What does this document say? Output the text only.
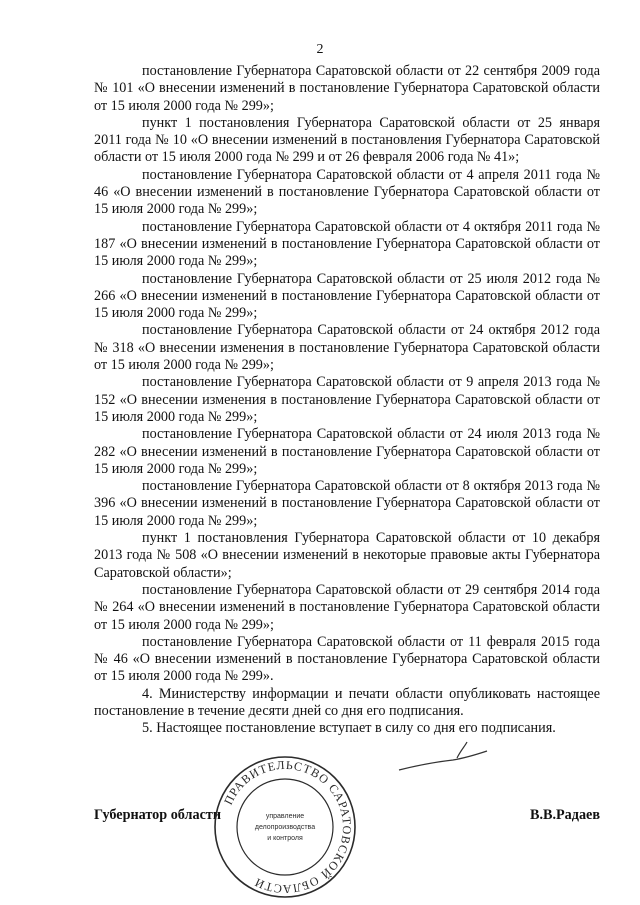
2

постановление Губернатора Саратовской области от 22 сентября 2009 года № 101 «О внесении изменений в постановление Губернатора Саратовской области от 15 июля 2000 года № 299»;

пункт 1 постановления Губернатора Саратовской области от 25 января 2011 года № 10 «О внесении изменений в постановления Губернатора Саратовской области от 15 июля 2000 года № 299 и от 26 февраля 2006 года № 41»;

постановление Губернатора Саратовской области от 4 апреля 2011 года № 46 «О внесении изменений в постановление Губернатора Саратовской области от 15 июля 2000 года № 299»;

постановление Губернатора Саратовской области от 4 октября 2011 года № 187 «О внесении изменений в постановление Губернатора Саратовской области от 15 июля 2000 года № 299»;

постановление Губернатора Саратовской области от 25 июля 2012 года № 266 «О внесении изменений в постановление Губернатора Саратовской области от 15 июля 2000 года № 299»;

постановление Губернатора Саратовской области от 24 октября 2012 года № 318 «О внесении изменения в постановление Губернатора Саратовской области от 15 июля 2000 года № 299»;

постановление Губернатора Саратовской области от 9 апреля 2013 года № 152 «О внесении изменения в постановление Губернатора Саратовской области от 15 июля 2000 года № 299»;

постановление Губернатора Саратовской области от 24 июля 2013 года № 282 «О внесении изменений в постановление Губернатора Саратовской области от 15 июля 2000 года № 299»;

постановление Губернатора Саратовской области от 8 октября 2013 года № 396 «О внесении изменений в постановление Губернатора Саратовской области от 15 июля 2000 года № 299»;

пункт 1 постановления Губернатора Саратовской области от 10 декабря 2013 года № 508 «О внесении изменений в некоторые правовые акты Губернатора Саратовской области»;

постановление Губернатора Саратовской области от 29 сентября 2014 года № 264 «О внесении изменений в постановление Губернатора Саратовской области от 15 июля 2000 года № 299»;

постановление Губернатора Саратовской области от 11 февраля 2015 года № 46 «О внесении изменений в постановление Губернатора Саратовской области от 15 июля 2000 года № 299».

4. Министерству информации и печати области опубликовать настоящее постановление в течение десяти дней со дня его подписания.

5. Настоящее постановление вступает в силу со дня его подписания.

Губернатор области	В.В.Радаев
ПРАВИТЕЛЬСТВО САРАТОВСКОЙ ОБЛАСТИ
управление
делопроизводства
и контроля
